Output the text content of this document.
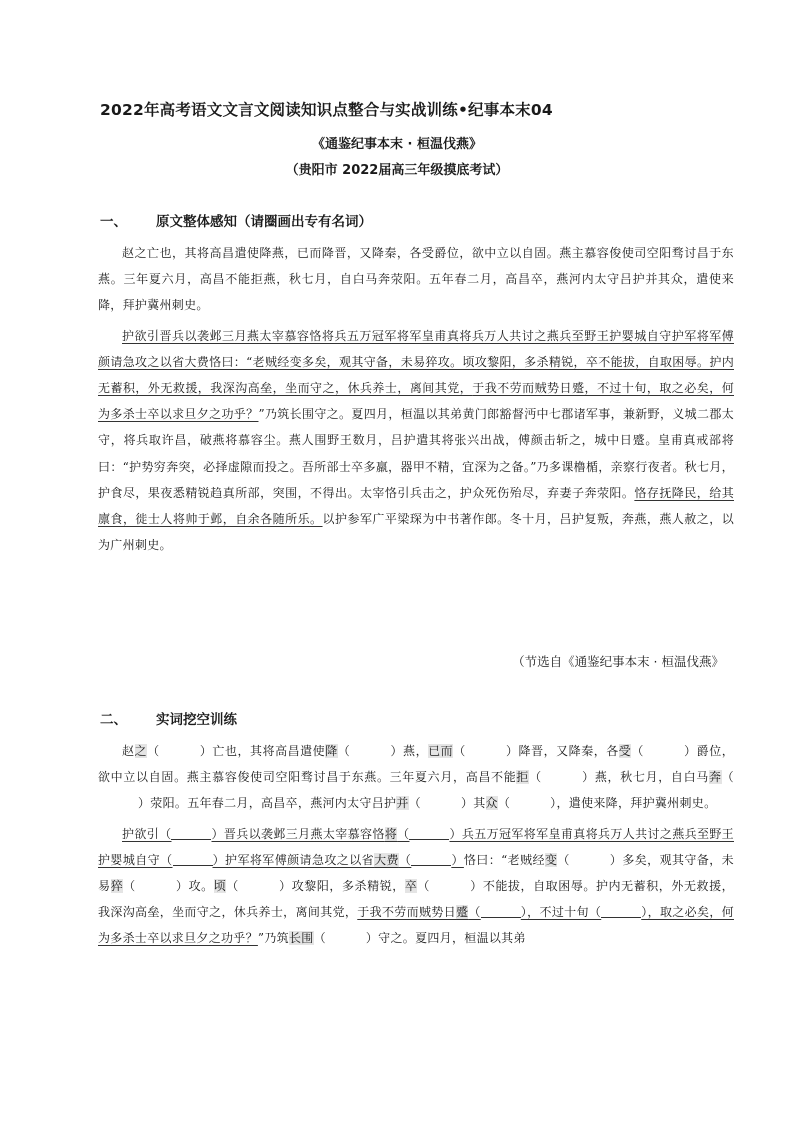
2022年高考语文文言文阅读知识点整合与实战训练•纪事本末04
《通鉴纪事本末 · 桓温伐燕》
（贵阳市 2022届高三年级摸底考试）
一、 原文整体感知（请圈画出专有名词）

赵之亡也，其将高昌遣使降燕，已而降晋，又降秦，各受爵位，欲中立以自固。燕主慕容俊使司空阳骛讨昌于东燕。三年夏六月，高昌不能拒燕，秋七月，自白马奔荥阳。五年春二月，高昌卒，燕河内太守吕护并其众，遣使来降，拜护冀州刺史。

护欲引晋兵以袭邺三月燕太宰慕容恪将兵五万冠军将军皇甫真将兵万人共讨之燕兵至野王护婴城自守护军将军傅颜请急攻之以省大费恪曰：“老贼经变多矣，观其守备，未易猝攻。顷攻黎阳，多杀精锐，卒不能拔，自取困辱。护内无蓄积，外无救援，我深沟高垒，坐而守之，休兵养士，离间其党，于我不劳而贼势日蹙，不过十旬，取之必矣，何为多杀士卒以求旦夕之功乎？”乃筑长围守之。夏四月，桓温以其弟黄门郎豁督沔中七郡诸军事，兼新野，义城二郡太守，将兵取许昌，破燕将慕容尘。燕人围野王数月，吕护遣其将张兴出战，傅颜击斩之，城中日蹙。皇甫真戒部将曰：“护势穷奔突，必择虚隙而投之。吾所部士卒多羸，器甲不精，宜深为之备。”乃多课橹楯，亲察行夜者。秋七月，护食尽，果夜悉精锐趋真所部，突围，不得出。太宰恪引兵击之，护众死伤殆尽，弃妻子奔荥阳。恪存抚降民，给其廪食，徙士人将帅于邺，自余各随所乐。以护参军广平梁琛为中书著作郎。冬十月，吕护复叛，奔燕，燕人赦之，以为广州刺史。

（节选自《通鉴纪事本末 · 桓温伐燕》
二、 实词挖空训练

赵之（	）亡也，其将高昌遣使降（	）燕，已而（	）降晋，又降秦，各受（	）爵位，欲中立以自固。燕主慕容俊使司空阳骛讨昌于东燕。三年夏六月，高昌不能拒（	）燕，秋七月，自白马奔（）荥阳。五年春二月，高昌卒，燕河内太守吕护并（	）其众（	），遣使来降，拜护冀州刺史。

护欲引（	）晋兵以袭邺三月燕太宰慕容恪将（	）兵五万冠军将军皇甫真将兵万人共讨之燕兵至野王护婴城自守（	）护军将军傅颜请急攻之以省大费（	）恪曰：“老贼经变（	）多矣，观其守备，未易猝（	）攻。顷（	）攻黎阳，多杀精锐，卒（	）不能拔，自取困辱。护内无蓄积，外无救援，我深沟高垒，坐而守之，休兵养士，离间其党，于我不劳而贼势日蹙（	），不过十旬（	），取之必矣，何为多杀士卒以求旦夕之功乎？”乃筑长围（	）守之。夏四月，桓温以其弟
